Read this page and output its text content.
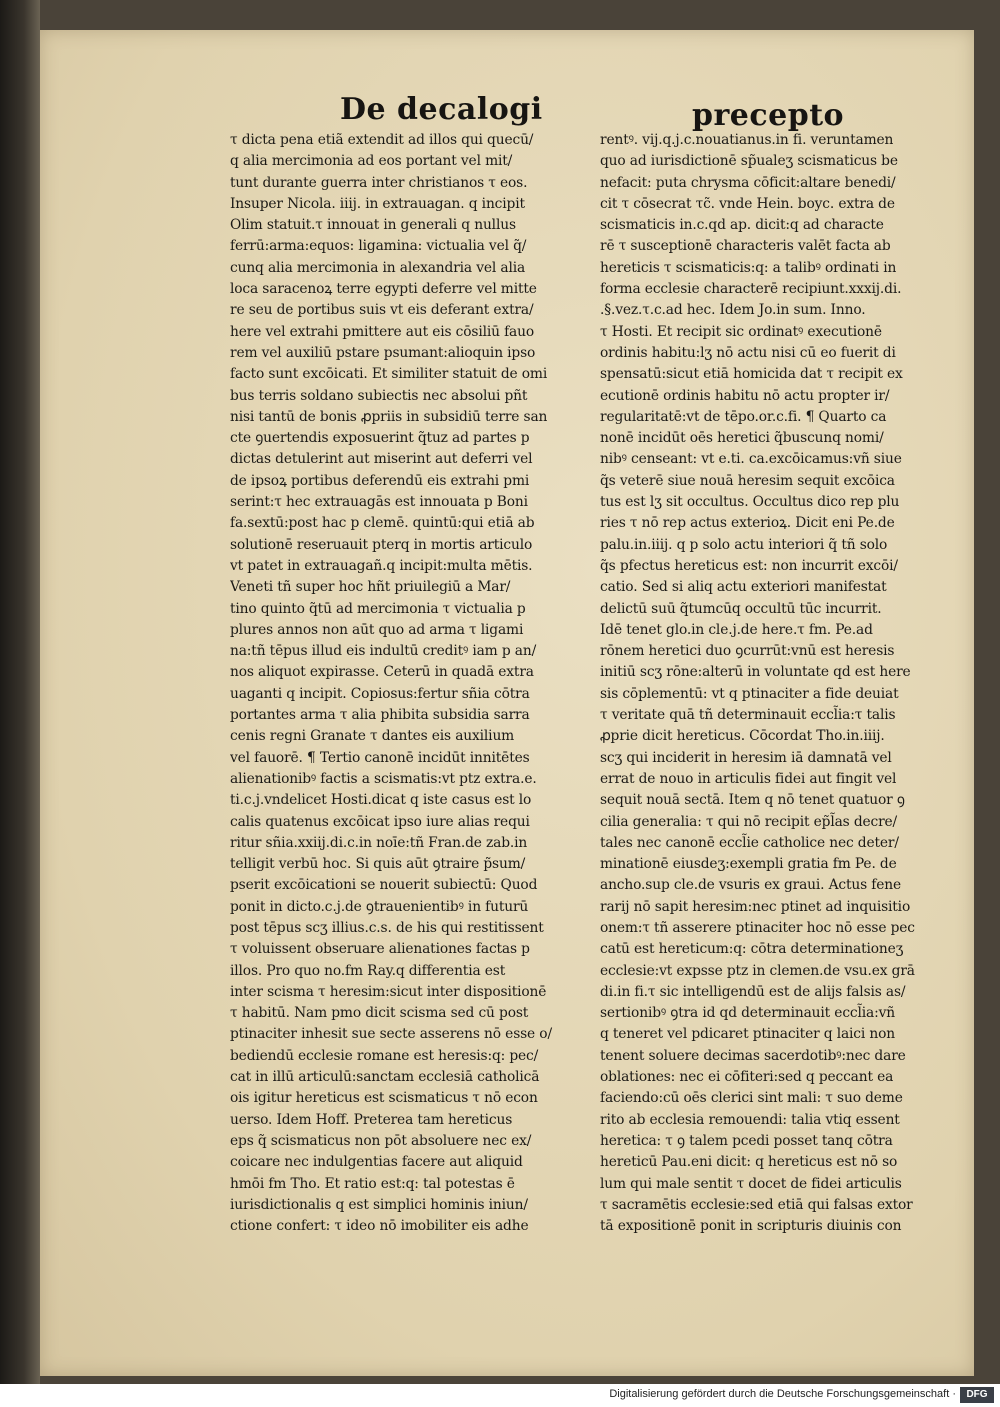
De decalogi	precepto
τ dicta pena etiã extendit ad illos qui quecū/
q alia mercimonia ad eos portant vel mit/
tunt durante guerra inter christianos τ eos.
Insuper Nicola. iiij. in extrauagan. q incipit
Olim statuit.τ innouat in generali q nullus
ferrū:arma:equos: ligamina: victualia vel q̃/
cunq alia mercimonia in alexandria vel alia
loca saracenoꝝ terre egypti deferre vel mitte
re seu de portibus suis vt eis deferant extra/
here vel extrahi pmittere aut eis cōsiliū fauo
rem vel auxiliū pstare psumant:alioquin ipso
facto sunt excōicati. Et similiter statuit de omi
bus terris soldano subiectis nec absolui pñt
nisi tantū de bonis ꝓpriis in subsidiū terre san
cte ꝯuertendis exposuerint q̃tuz ad partes p
dictas detulerint aut miserint aut deferri vel
de ipsoꝝ portibus deferendū eis extrahi pmi
serint:τ hec extrauagās est innouata p Boni
fa.sextū:post hac p clemē. quintū:qui etiā ab
solutionē reseruauit pterq in mortis articulo
vt patet in extrauagañ.q incipit:multa mētis.
Veneti tñ super hoc hñt priuilegiū a Mar/
tino quinto q̃tū ad mercimonia τ victualia p
plures annos non aūt quo ad arma τ ligami
na:tñ tēpus illud eis indultū creditꝰ iam p an/
nos aliquot expirasse. Ceterū in quadā extra
uaganti q incipit. Copiosus:fertur sñia cōtra
portantes arma τ alia phibita subsidia sarra
cenis regni Granate τ dantes eis auxilium
vel fauorē. ¶ Tertio canonē incidūt innitētes
alienationibꝰ factis a scismatis:vt ptz extra.e.
ti.c.j.vndelicet Hosti.dicat q iste casus est lo
calis quatenus excōicat ipso iure alias requi
ritur sñia.xxiij.di.c.in noīe:tñ Fran.de zab.in
telligit verbū hoc. Si quis aūt ꝯtraire p̃sum/
pserit excōicationi se nouerit subiectū: Quod
ponit in dicto.c.j.de ꝯtrauenientibꝰ in futurū
post tēpus scʒ illius.c.s. de his qui restitissent
τ voluissent obseruare alienationes factas p
illos. Pro quo no.fm Ray.q differentia est
inter scisma τ heresim:sicut inter dispositionē
τ habitū. Nam pmo dicit scisma sed cū post
ptinaciter inhesit sue secte asserens nō esse o/
bediendū ecclesie romane est heresis:q: pec/
cat in illū articulū:sanctam ecclesiā catholicā
ois igitur hereticus est scismaticus τ nō econ
uerso. Idem Hoff. Preterea tam hereticus
eps q̃ scismaticus non pōt absoluere nec ex/
coicare nec indulgentias facere aut aliquid
hmōi fm Tho. Et ratio est:q: tal potestas ē
iurisdictionalis q est simplici hominis iniun/
ctione confert: τ ideo nō imobiliter eis adhe
rentꝰ. vij.q.j.c.nouatianus.in fi. veruntamen
quo ad iurisdictionē sp̃ualeʒ scismaticus be
nefacit: puta chrysma cōficit:altare benedi/
cit τ cōsecrat τc̃. vnde Hein. boyc. extra de
scismaticis in.c.qd ap. dicit:q ad characte
rē τ susceptionē characteris valēt facta ab
hereticis τ scismaticis:q: a talibꝰ ordinati in
forma ecclesie characterē recipiunt.xxxij.di.
.§.vez.τ.c.ad hec. Idem Jo.in sum. Inno.
τ Hosti. Et recipit sic ordinatꝰ executionē
ordinis habitu:lʒ nō actu nisi cū eo fuerit di
spensatū:sicut etiā homicida dat τ recipit ex
ecutionē ordinis habitu nō actu propter ir/
regularitatē:vt de tēpo.or.c.fi. ¶ Quarto ca
nonē incidūt oēs heretici q̃buscunq nomi/
nibꝰ censeant: vt e.ti. ca.excōicamus:vñ siue
q̃s veterē siue nouā heresim sequit excōica
tus est lʒ sit occultus. Occultus dico rep plu
ries τ nō rep actus exterioꝝ. Dicit eni Pe.de
palu.in.iiij. q p solo actu interiori q̃ tñ solo
q̃s pfectus hereticus est: non incurrit excōi/
catio. Sed si aliq actu exteriori manifestat
delictū suū q̃tumcūq occultū tūc incurrit.
Idē tenet glo.in cle.j.de here.τ fm. Pe.ad
rōnem heretici duo ꝯcurrūt:vnū est heresis
initiū scʒ rōne:alterū in voluntate qd est here
sis cōplementū: vt q ptinaciter a fide deuiat
τ veritate quā tñ determinauit eccl̃ia:τ talis
ꝓprie dicit hereticus. Cōcordat Tho.in.iiij.
scʒ qui inciderit in heresim iā damnatā vel
errat de nouo in articulis fidei aut fingit vel
sequit nouā sectā. Item q nō tenet quatuor ꝯ
cilia generalia: τ qui nō recipit ep̃l̃as decre/
tales nec canonē eccl̃ie catholice nec deter/
minationē eiusdeʒ:exempli gratia fm Pe. de
ancho.sup cle.de vsuris ex graui. Actus fene
rarij nō sapit heresim:nec ptinet ad inquisitio
onem:τ tñ asserere ptinaciter hoc nō esse pec
catū est hereticum:q: cōtra determinationeʒ
ecclesie:vt expsse ptz in clemen.de vsu.ex grā
di.in fi.τ sic intelligendū est de alijs falsis as/
sertionibꝰ ꝯtra id qd determinauit eccl̃ia:vñ
q teneret vel pdicaret ptinaciter q laici non
tenent soluere decimas sacerdotibꝰ:nec dare
oblationes: nec ei cōfiteri:sed q peccant ea
faciendo:cū oēs clerici sint mali: τ suo deme
rito ab ecclesia remouendi: talia vtiq essent
heretica: τ ꝯ talem pcedi posset tanq cōtra
hereticū Pau.eni dicit: q hereticus est nō so
lum qui male sentit τ docet de fidei articulis
τ sacramētis ecclesie:sed etiā qui falsas extor
tā expositionē ponit in scripturis diuinis con
Digitalisierung gefördert durch die Deutsche Forschungsgemeinschaft ·	DFG
